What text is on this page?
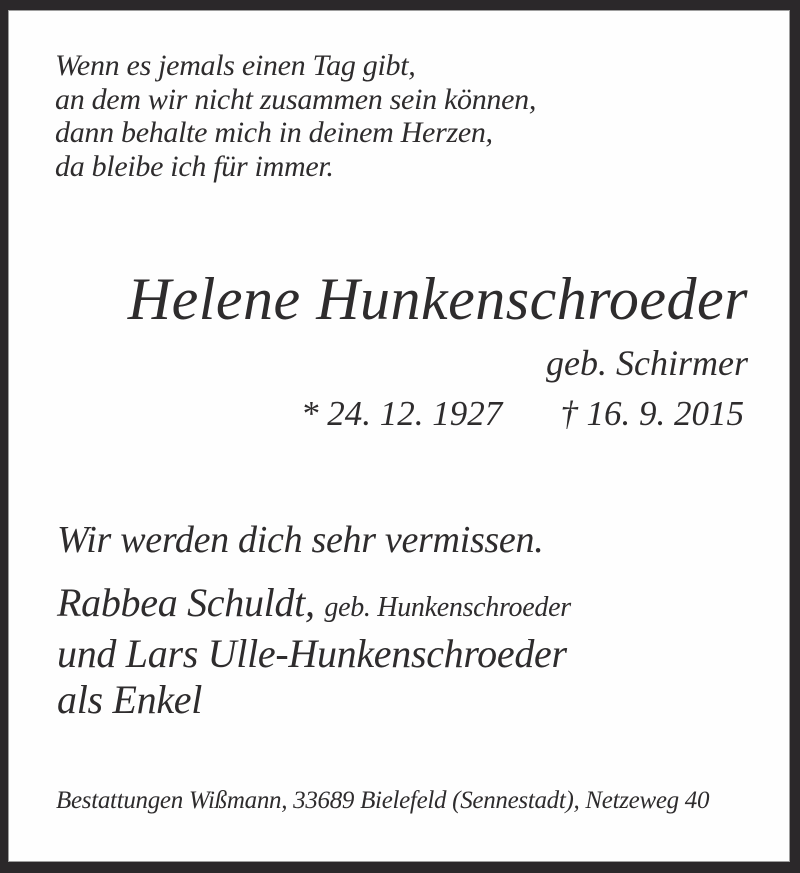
Wenn es jemals einen Tag gibt,
an dem wir nicht zusammen sein können,
dann behalte mich in deinem Herzen,
da bleibe ich für immer.
Helene Hunkenschroeder
geb. Schirmer
* 24. 12. 1927 † 16. 9. 2015
Wir werden dich sehr vermissen.
Rabbea Schuldt, geb. Hunkenschroeder
und Lars Ulle-Hunkenschroeder
als Enkel
Bestattungen Wißmann, 33689 Bielefeld (Sennestadt), Netzeweg 40
